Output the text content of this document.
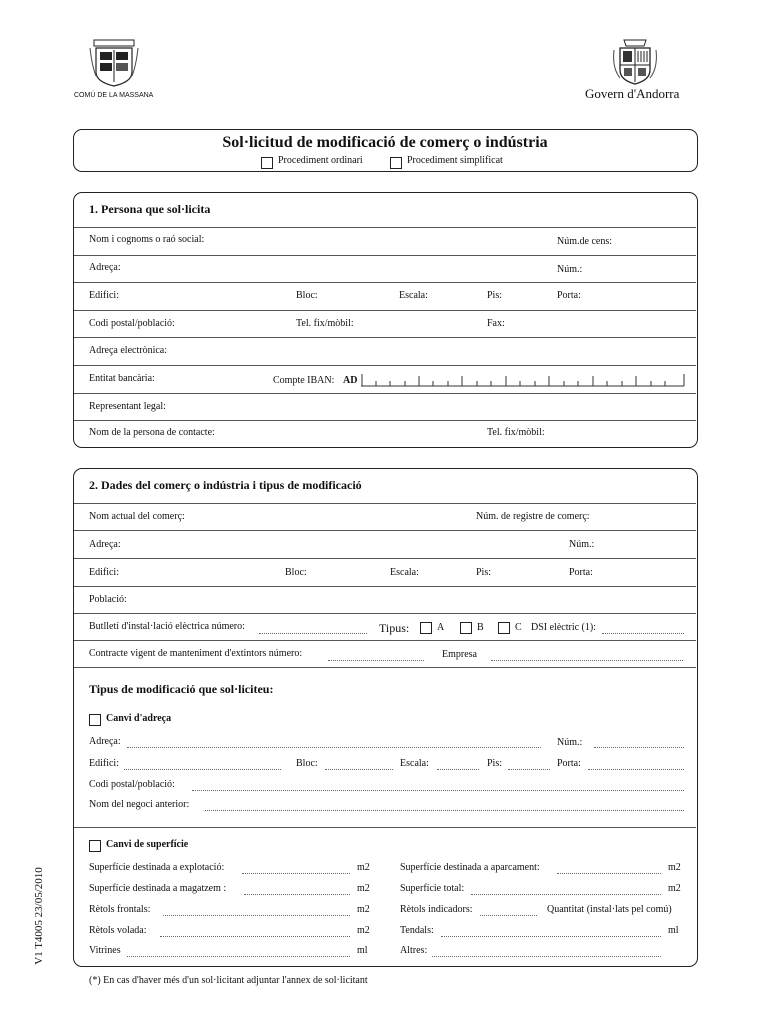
COMÚ DE LA MASSANA	Govern d'Andorra
Sol·licitud de modificació de comerç o indústria
Procediment ordinari	Procediment simplificat
1. Persona que sol·licita
Nom i cognoms o raó social:	Núm.de cens:
Adreça:	Núm.:
Edifici:	Bloc:	Escala:	Pis:	Porta:
Codi postal/població:	Tel. fix/mòbil:	Fax:
Adreça electrònica:
Entitat bancària:	Compte IBAN: AD
Representant legal:
Nom de la persona de contacte:	Tel. fix/mòbil:
2. Dades del comerç o indústria i tipus de modificació
Nom actual del comerç:	Núm. de registre de comerç:
Adreça:	Núm.:
Edifici:	Bloc:	Escala:	Pis:	Porta:
Població:
Butlletí d'instal·lació elèctrica número:	Tipus:	A	B	C DSI elèctric (1):
Contracte vigent de manteniment d'extintors número:	Empresa
Tipus de modificació que sol·liciteu:
Canvi d'adreça
Adreça:	Núm.:
Edifici:	Bloc:	Escala:	Pis:	Porta:
Codi postal/població:
Nom del negoci anterior:
Canvi de superfície
Superfície destinada a explotació:	m2	Superfície destinada a aparcament:	m2
Superfície destinada a magatzem :	m2	Superfície total:	m2
Rètols frontals:	m2	Rètols indicadors:	Quantitat (instal·lats pel comú)
Rètols volada:	m2	Tendals:	ml
Vitrines	ml	Altres:
(*) En cas d'haver més d'un sol·licitant adjuntar l'annex de sol·licitant
V1 T4005 23/05/2010
